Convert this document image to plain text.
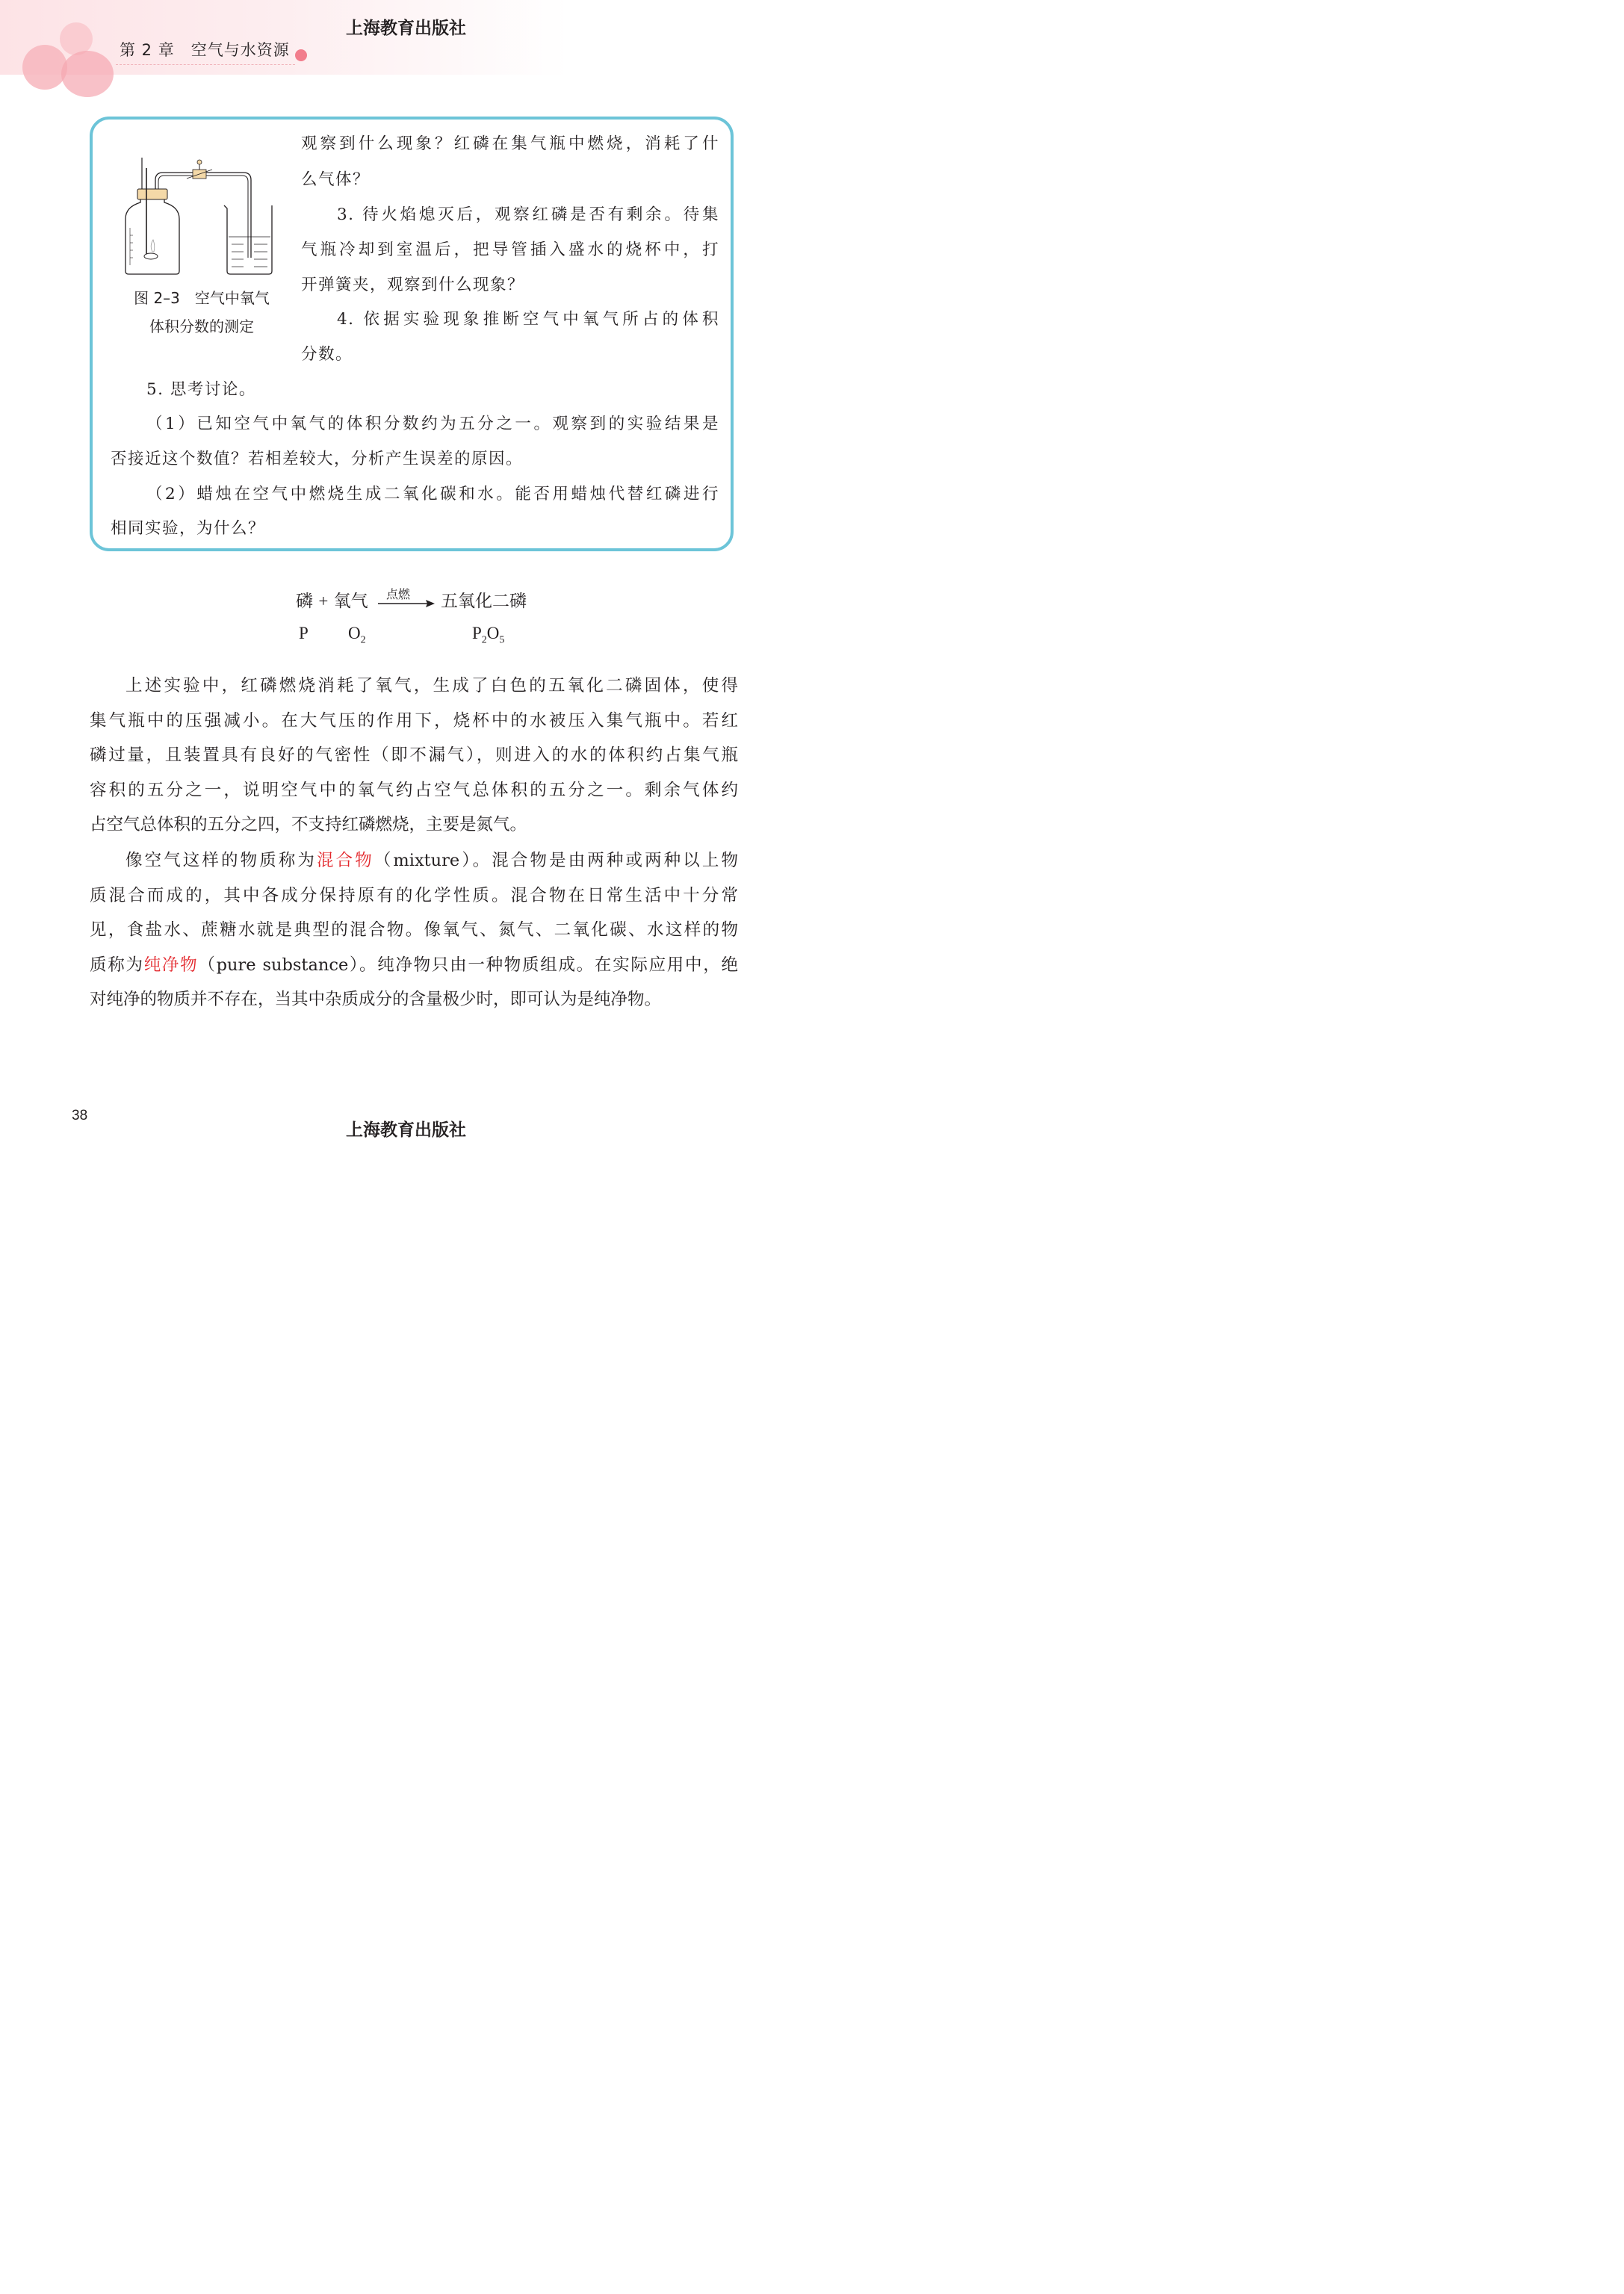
上海教育出版社
第 2 章　空气与水资源
图 2–3　空气中氧气
体积分数的测定
观察到什么现象？红磷在集气瓶中燃烧，消耗了什
么气体？
3. 待火焰熄灭后，观察红磷是否有剩余。待集
气瓶冷却到室温后，把导管插入盛水的烧杯中，打
开弹簧夹，观察到什么现象？
4. 依据实验现象推断空气中氧气所占的体积
分数。
5. 思考讨论。
（1）已知空气中氧气的体积分数约为五分之一。观察到的实验结果是
否接近这个数值？若相差较大，分析产生误差的原因。
（2）蜡烛在空气中燃烧生成二氧化碳和水。能否用蜡烛代替红磷进行
相同实验，为什么？
磷 + 氧气 点燃 五氧化二磷
P $O_2$	$P_2O_5$
上述实验中，红磷燃烧消耗了氧气，生成了白色的五氧化二磷固体，使得
集气瓶中的压强减小。在大气压的作用下，烧杯中的水被压入集气瓶中。若红
磷过量，且装置具有良好的气密性（即不漏气），则进入的水的体积约占集气瓶
容积的五分之一，说明空气中的氧气约占空气总体积的五分之一。剩余气体约
占空气总体积的五分之四，不支持红磷燃烧，主要是氮气。
像空气这样的物质称为混合物（mixture）。混合物是由两种或两种以上物
质混合而成的，其中各成分保持原有的化学性质。混合物在日常生活中十分常
见，食盐水、蔗糖水就是典型的混合物。像氧气、氮气、二氧化碳、水这样的物
质称为纯净物（pure substance）。纯净物只由一种物质组成。在实际应用中，绝
对纯净的物质并不存在，当其中杂质成分的含量极少时，即可认为是纯净物。
38
上海教育出版社
